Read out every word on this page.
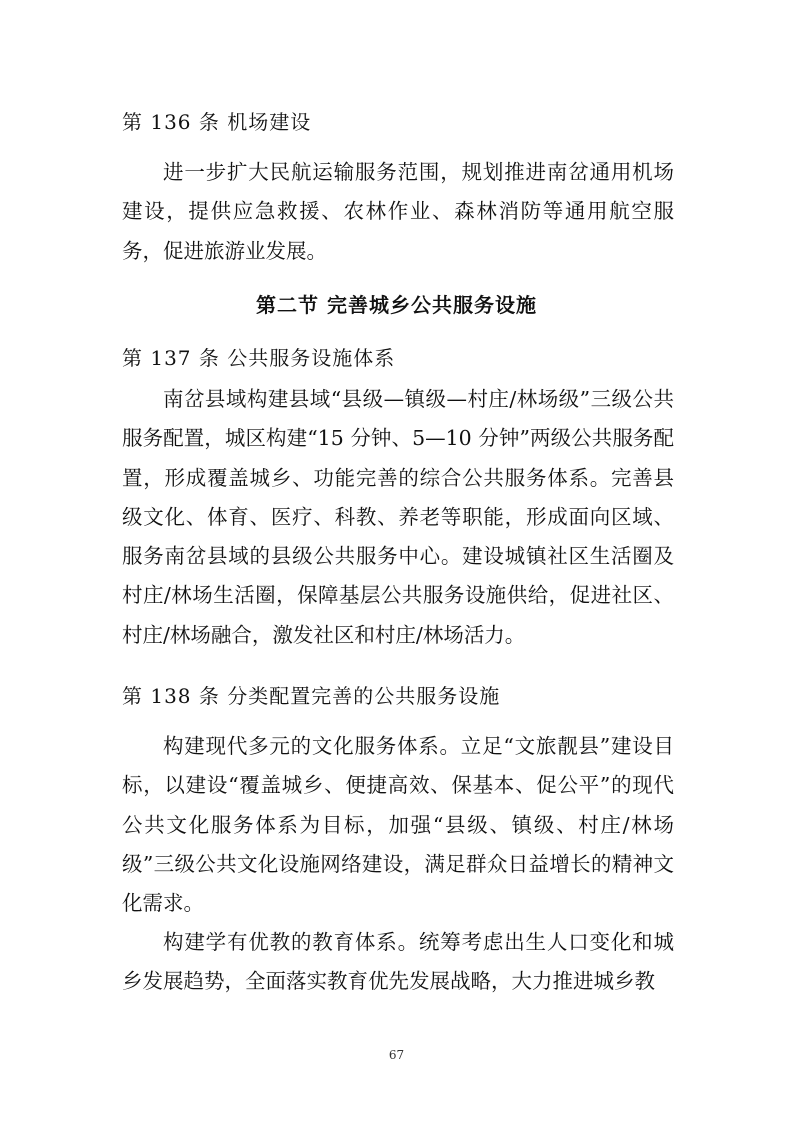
第 136 条 机场建设
进一步扩大民航运输服务范围，规划推进南岔通用机场建设，提供应急救援、农林作业、森林消防等通用航空服务，促进旅游业发展。
第二节 完善城乡公共服务设施
第 137 条 公共服务设施体系
南岔县域构建县域“县级—镇级—村庄/林场级”三级公共服务配置，城区构建“15 分钟、5—10 分钟”两级公共服务配置，形成覆盖城乡、功能完善的综合公共服务体系。完善县级文化、体育、医疗、科教、养老等职能，形成面向区域、服务南岔县域的县级公共服务中心。建设城镇社区生活圈及村庄/林场生活圈，保障基层公共服务设施供给，促进社区、村庄/林场融合，激发社区和村庄/林场活力。
第 138 条 分类配置完善的公共服务设施
构建现代多元的文化服务体系。立足“文旅靓县”建设目标，以建设“覆盖城乡、便捷高效、保基本、促公平”的现代公共文化服务体系为目标，加强“县级、镇级、村庄/林场级”三级公共文化设施网络建设，满足群众日益增长的精神文化需求。
构建学有优教的教育体系。统筹考虑出生人口变化和城乡发展趋势，全面落实教育优先发展战略，大力推进城乡教
67
